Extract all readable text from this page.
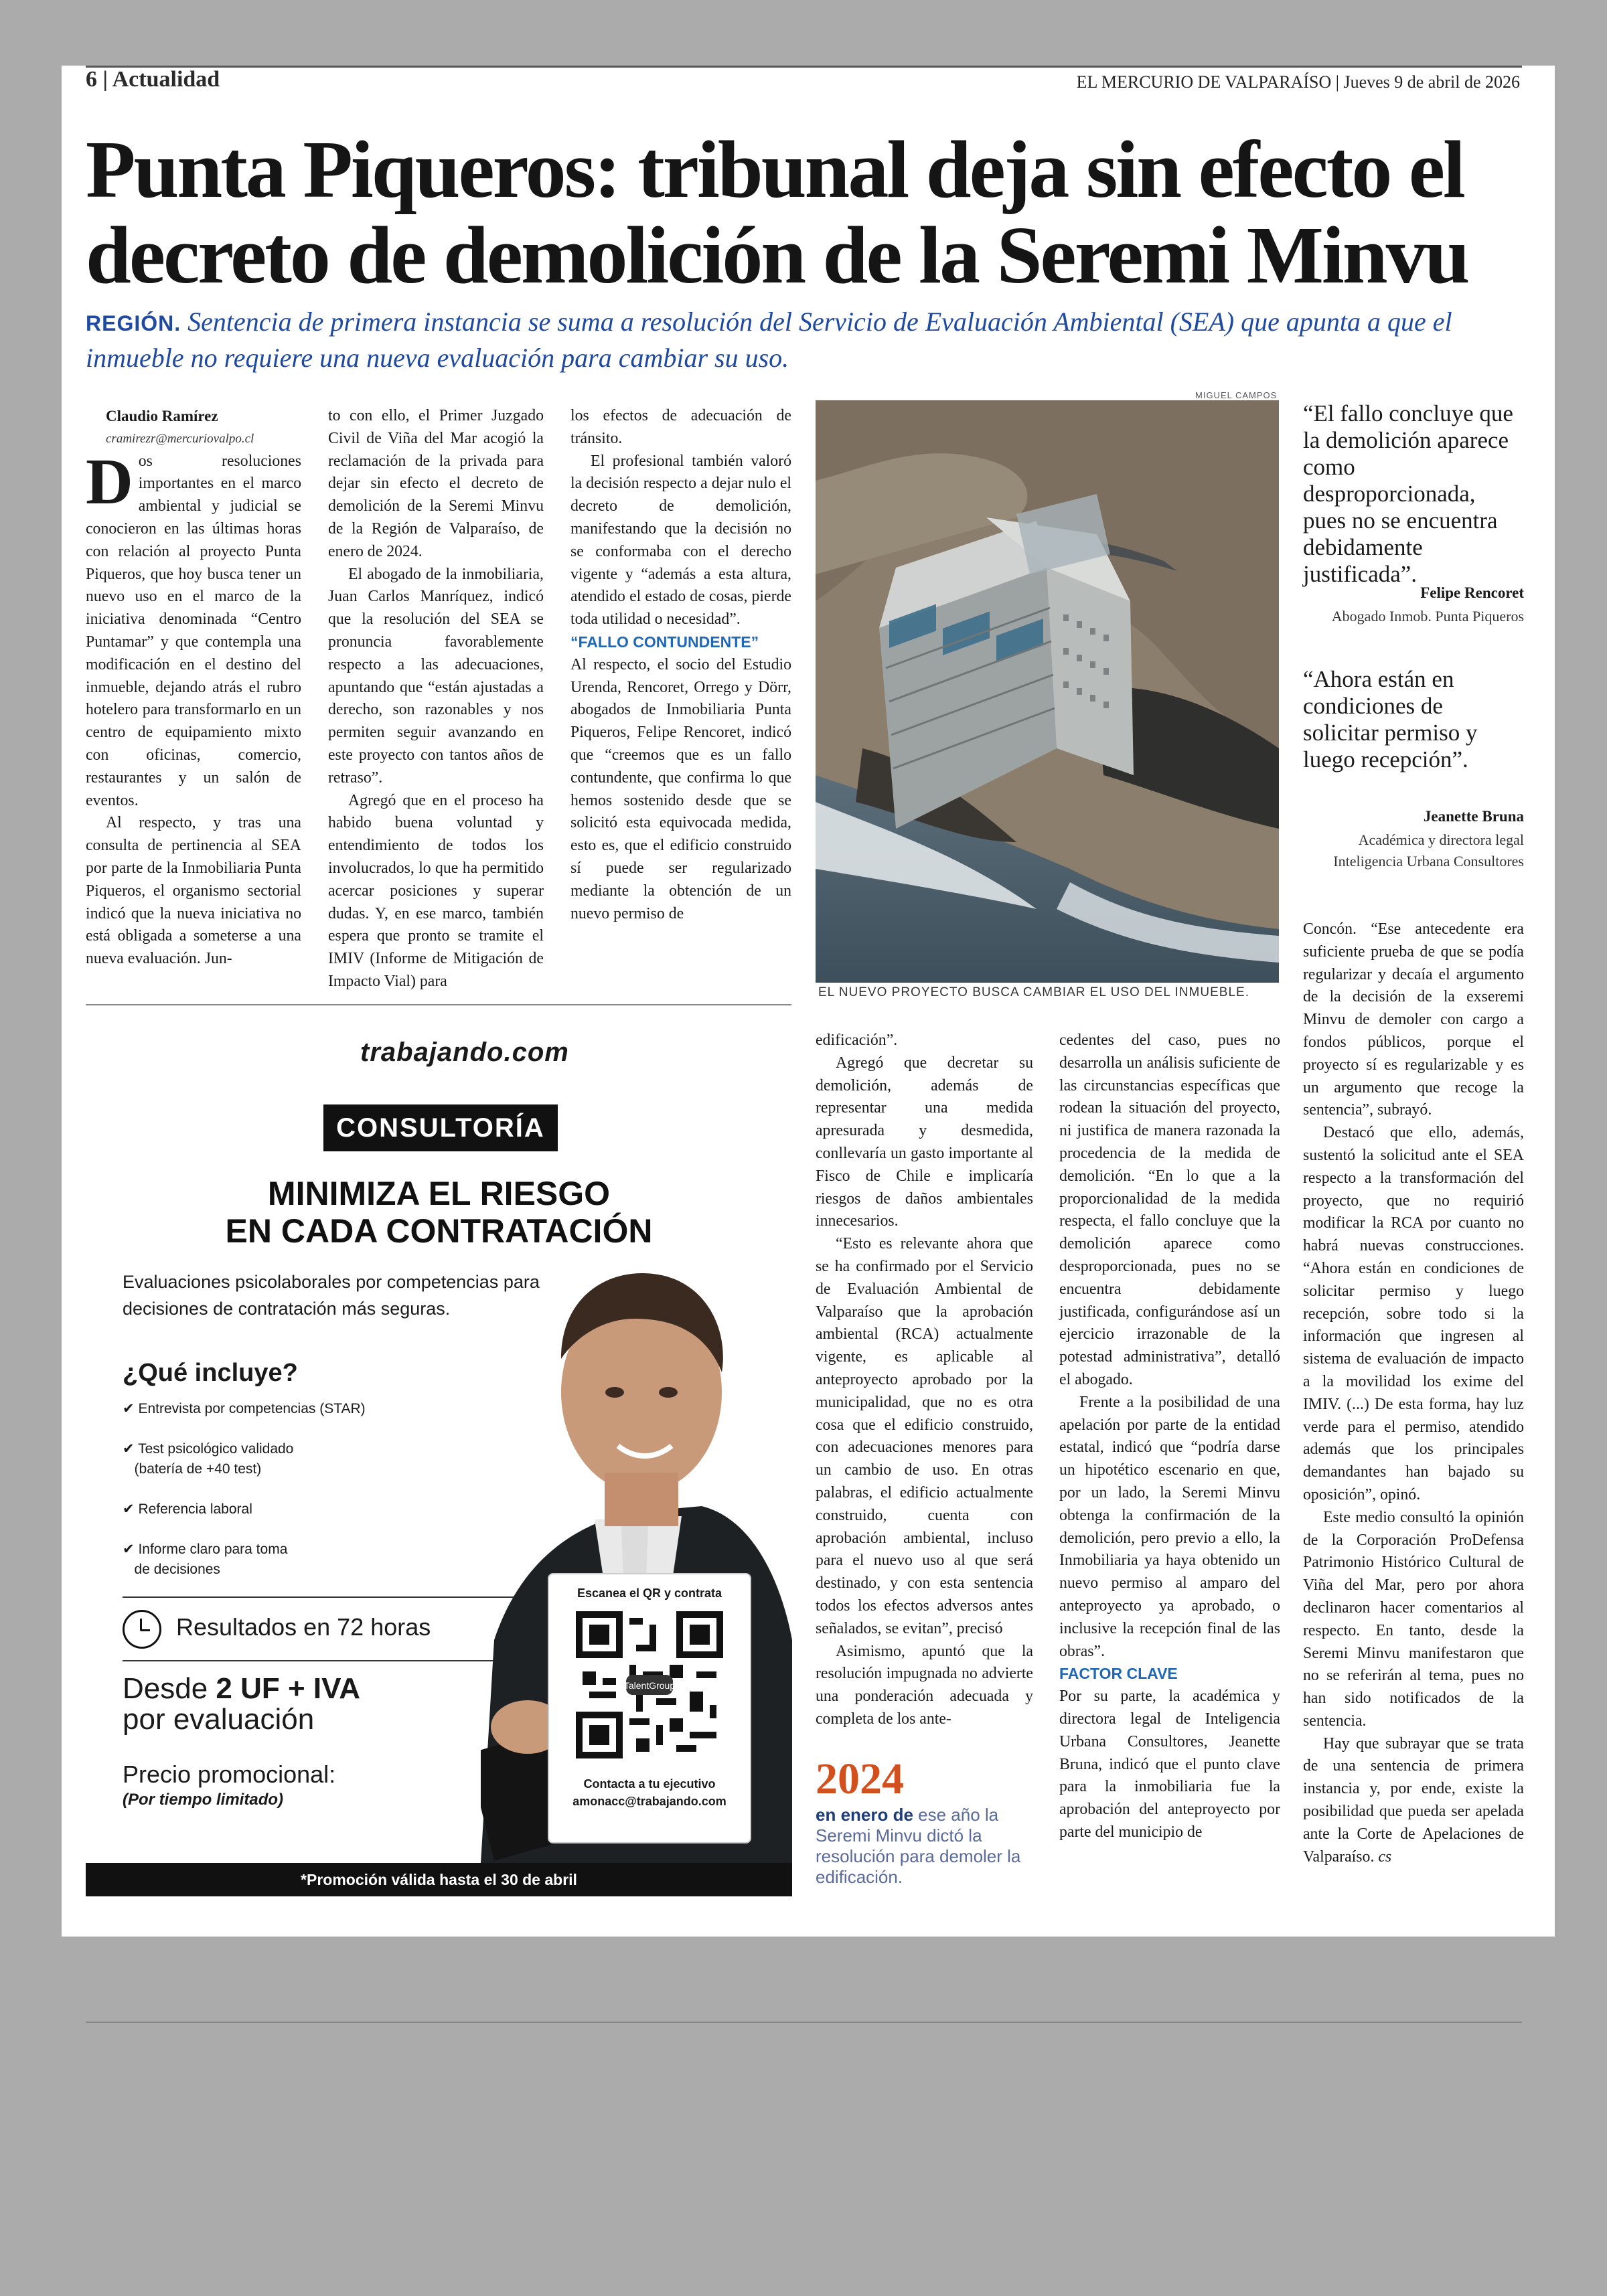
6 | Actualidad	EL MERCURIO DE VALPARAÍSO | Jueves 9 de abril de 2026
Punta Piqueros: tribunal deja sin efecto el decreto de demolición de la Seremi Minvu
REGIÓN. Sentencia de primera instancia se suma a resolución del Servicio de Evaluación Ambiental (SEA) que apunta a que el inmueble no requiere una nueva evaluación para cambiar su uso.

Claudio Ramírez

cramirezr@mercuriovalpo.cl

Dos resoluciones importantes en el marco ambiental y judicial se conocieron en las últimas horas con relación al proyecto Punta Piqueros, que hoy busca tener un nuevo uso en el marco de la iniciativa denominada “Centro Puntamar” y que contempla una modificación en el destino del inmueble, dejando atrás el rubro hotelero para transformarlo en un centro de equipamiento mixto con oficinas, comercio, restaurantes y un salón de eventos.

Al respecto, y tras una consulta de pertinencia al SEA por parte de la Inmobiliaria Punta Piqueros, el organismo sectorial indicó que la nueva iniciativa no está obligada a someterse a una nueva evaluación. Jun-

to con ello, el Primer Juzgado Civil de Viña del Mar acogió la reclamación de la privada para dejar sin efecto el decreto de demolición de la Seremi Minvu de la Región de Valparaíso, de enero de 2024.

El abogado de la inmobiliaria, Juan Carlos Manríquez, indicó que la resolución del SEA se pronuncia favorablemente respecto a las adecuaciones, apuntando que “están ajustadas a derecho, son razonables y nos permiten seguir avanzando en este proyecto con tantos años de retraso”.

Agregó que en el proceso ha habido buena voluntad y entendimiento de todos los involucrados, lo que ha permitido acercar posiciones y superar dudas. Y, en ese marco, también espera que pronto se tramite el IMIV (Informe de Mitigación de Impacto Vial) para

los efectos de adecuación de tránsito.

El profesional también valoró la decisión respecto a dejar nulo el decreto de demolición, manifestando que la decisión no se conformaba con el derecho vigente y “además a esta altura, atendido el estado de cosas, pierde toda utilidad o necesidad”.

“FALLO CONTUNDENTE”

Al respecto, el socio del Estudio Urenda, Rencoret, Orrego y Dörr, abogados de Inmobiliaria Punta Piqueros, Felipe Rencoret, indicó que “creemos que es un fallo contundente, que confirma lo que hemos sostenido desde que se solicitó esta equivocada medida, esto es, que el edificio construido sí puede ser regularizado mediante la obtención de un nuevo permiso de

MIGUEL CAMPOS
EL NUEVO PROYECTO BUSCA CAMBIAR EL USO DEL INMUEBLE.
“El fallo concluye que la demolición aparece como desproporcionada, pues no se encuentra debidamente justificada”.
Felipe Rencoret
Abogado Inmob. Punta Piqueros
“Ahora están en condiciones de solicitar permiso y luego recepción”.
Jeanette Bruna
Académica y directora legal
Inteligencia Urbana Consultores

edificación”.

Agregó que decretar su demolición, además de representar una medida apresurada y desmedida, conllevaría un gasto importante al Fisco de Chile e implicaría riesgos de daños ambientales innecesarios.

“Esto es relevante ahora que se ha confirmado por el Servicio de Evaluación Ambiental de Valparaíso que la aprobación ambiental (RCA) actualmente vigente, es aplicable al anteproyecto aprobado por la municipalidad, que no es otra cosa que el edificio construido, con adecuaciones menores para un cambio de uso. En otras palabras, el edificio actualmente construido, cuenta con aprobación ambiental, incluso para el nuevo uso al que será destinado, y con esta sentencia todos los efectos adversos antes señalados, se evitan”, precisó

Asimismo, apuntó que la resolución impugnada no advierte una ponderación adecuada y completa de los ante-

2024
en enero de ese año la Seremi Minvu dictó la resolución para demoler la edificación.

cedentes del caso, pues no desarrolla un análisis suficiente de las circunstancias específicas que rodean la situación del proyecto, ni justifica de manera razonada la procedencia de la medida de demolición. “En lo que a la proporcionalidad de la medida respecta, el fallo concluye que la demolición aparece como desproporcionada, pues no se encuentra debidamente justificada, configurándose así un ejercicio irrazonable de la potestad administrativa”, detalló el abogado.

Frente a la posibilidad de una apelación por parte de la entidad estatal, indicó que “podría darse un hipotético escenario en que, por un lado, la Seremi Minvu obtenga la confirmación de la demolición, pero previo a ello, la Inmobiliaria ya haya obtenido un nuevo permiso al amparo del anteproyecto ya aprobado, o inclusive la recepción final de las obras”.

FACTOR CLAVE

Por su parte, la académica y directora legal de Inteligencia Urbana Consultores, Jeanette Bruna, indicó que el punto clave para la inmobiliaria fue la aprobación del anteproyecto por parte del municipio de

Concón. “Ese antecedente era suficiente prueba de que se podía regularizar y decaía el argumento de la decisión de la exseremi Minvu de demoler con cargo a fondos públicos, porque el proyecto sí es regularizable y es un argumento que recoge la sentencia”, subrayó.

Destacó que ello, además, sustentó la solicitud ante el SEA respecto a la transformación del proyecto, que no requirió modificar la RCA por cuanto no habrá nuevas construcciones. “Ahora están en condiciones de solicitar permiso y luego recepción, sobre todo si la información que ingresen al sistema de evaluación de impacto a la movilidad los exime del IMIV. (...) De esta forma, hay luz verde para el permiso, atendido además que los principales demandantes han bajado su oposición”, opinó.

Este medio consultó la opinión de la Corporación ProDefensa Patrimonio Histórico Cultural de Viña del Mar, pero por ahora declinaron hacer comentarios al respecto. En tanto, desde la Seremi Minvu manifestaron que no se referirán al tema, pues no han sido notificados de la sentencia.

Hay que subrayar que se trata de una sentencia de primera instancia y, por ende, existe la posibilidad que pueda ser apelada ante la Corte de Apelaciones de Valparaíso. cs

trabajando.com
CONSULTORÍA
MINIMIZA EL RIESGO
EN CADA CONTRATACIÓN
Evaluaciones psicolaborales por competencias para decisiones de contratación más seguras.
¿Qué incluye?
✔ Entrevista por competencias (STAR)
✔ Test psicológico validado
(batería de +40 test)
✔ Referencia laboral
✔ Informe claro para toma
de decisiones
Resultados en 72 horas
Desde 2 UF + IVA
por evaluación
Precio promocional:
(Por tiempo limitado)
Escanea el QR y contrata
TalentGroup
Contacta a tu ejecutivo
amonacc@trabajando.com
*Promoción válida hasta el 30 de abril
